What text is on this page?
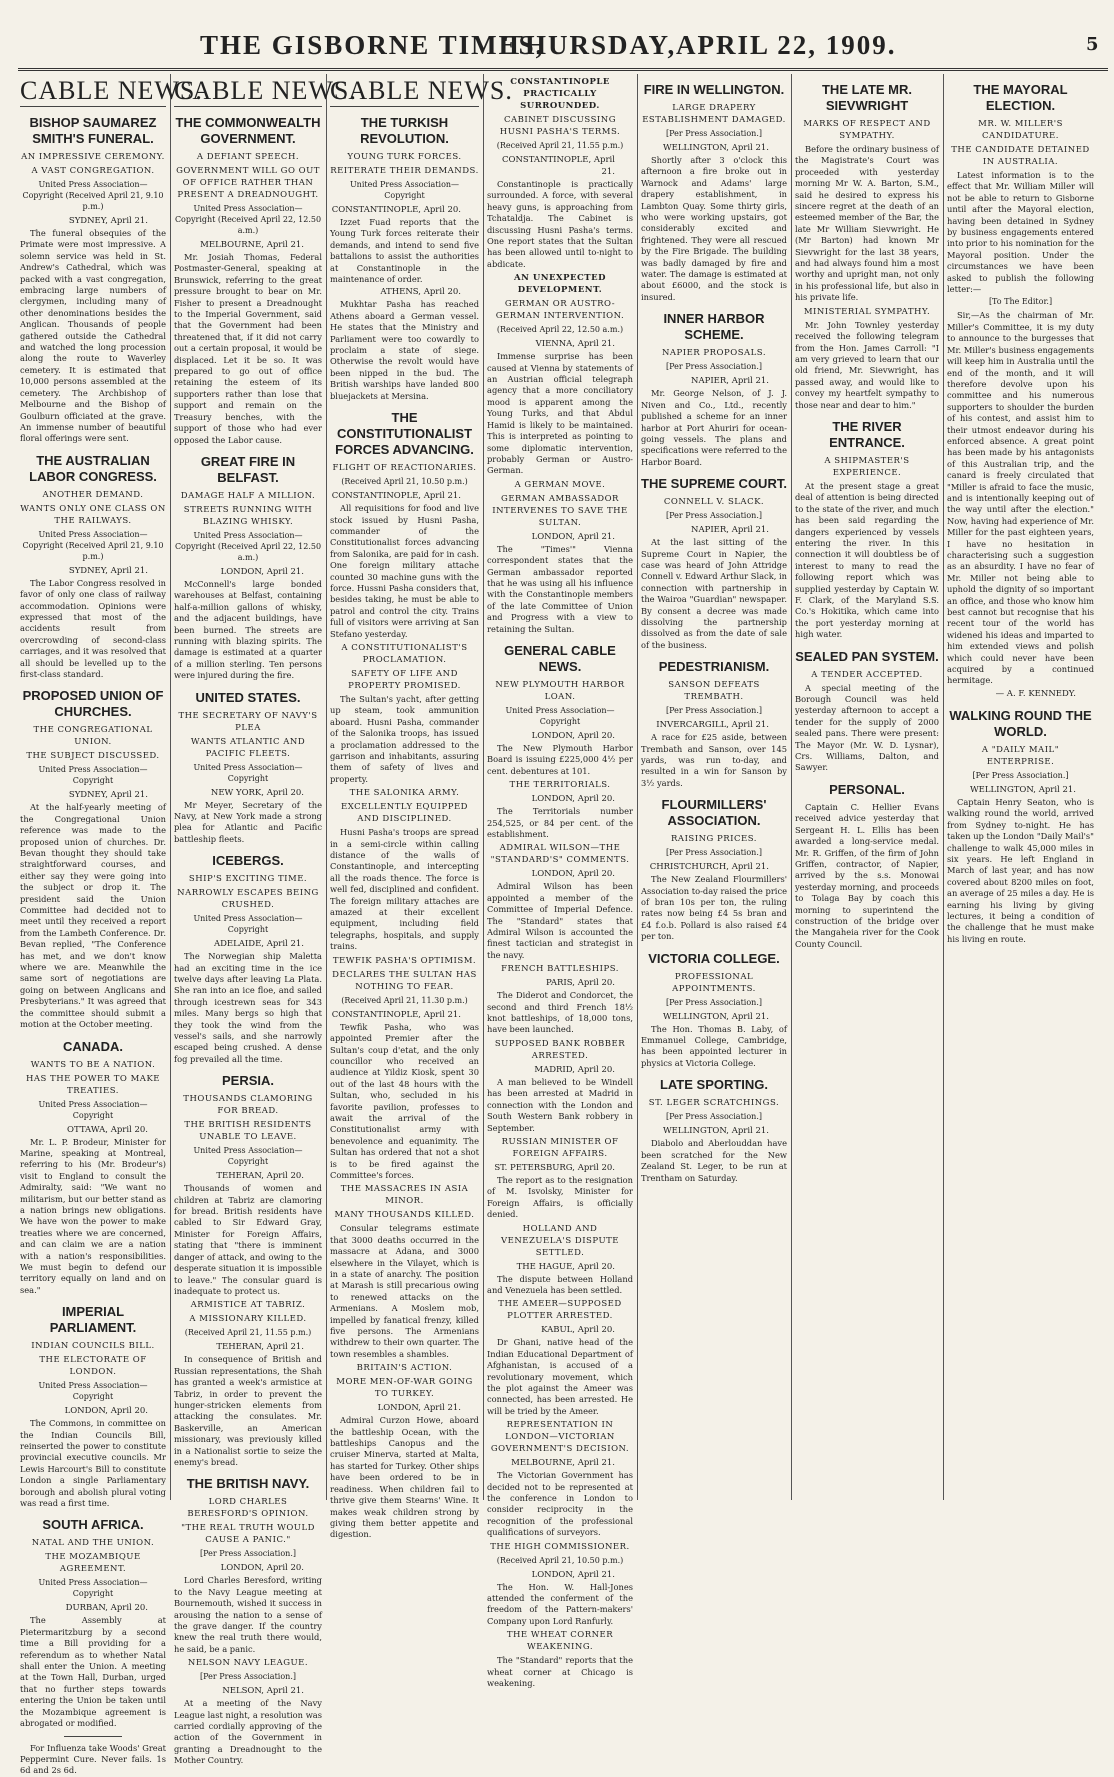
THE GISBORNE TIMES,
THURSDAY, APRIL 22, 1909.	5
CABLE NEWS.
BISHOP SAUMAREZ SMITH'S FUNERAL.
AN IMPRESSIVE CEREMONY.
A VAST CONGREGATION.
United Press Association—Copyright (Received April 21, 9.10 p.m.)
SYDNEY, April 21.

The funeral obsequies of the Primate were most impressive. A solemn service was held in St. Andrew's Cathedral, which was packed with a vast congregation, embracing large numbers of clergymen, including many of other denominations besides the Anglican. Thousands of people gathered outside the Cathedral and watched the long procession along the route to Waverley cemetery. It is estimated that 10,000 persons assembled at the cemetery. The Archbishop of Melbourne and the Bishop of Goulburn officiated at the grave. An immense number of beautiful floral offerings were sent.

THE AUSTRALIAN LABOR CONGRESS.
ANOTHER DEMAND.
WANTS ONLY ONE CLASS ON THE RAILWAYS.
United Press Association—Copyright (Received April 21, 9.10 p.m.)
SYDNEY, April 21.

The Labor Congress resolved in favor of only one class of railway accommodation. Opinions were expressed that most of the accidents result from overcrowding of second-class carriages, and it was resolved that all should be levelled up to the first-class standard.

PROPOSED UNION OF CHURCHES.
THE CONGREGATIONAL UNION.
THE SUBJECT DISCUSSED.
United Press Association—Copyright
SYDNEY, April 21.

At the half-yearly meeting of the Congregational Union reference was made to the proposed union of churches. Dr. Bevan thought they should take straightforward courses, and either say they were going into the subject or drop it. The president said the Union Committee had decided not to meet until they received a report from the Lambeth Conference. Dr. Bevan replied, "The Conference has met, and we don't know where we are. Meanwhile the same sort of negotiations are going on between Anglicans and Presbyterians." It was agreed that the committee should submit a motion at the October meeting.

CANADA.
WANTS TO BE A NATION.
HAS THE POWER TO MAKE TREATIES.
United Press Association—Copyright
OTTAWA, April 20.

Mr. L. P. Brodeur, Minister for Marine, speaking at Montreal, referring to his (Mr. Brodeur's) visit to England to consult the Admiralty, said: "We want no militarism, but our better stand as a nation brings new obligations. We have won the power to make treaties where we are concerned, and can claim we are a nation with a nation's responsibilities. We must begin to defend our territory equally on land and on sea."

IMPERIAL PARLIAMENT.
INDIAN COUNCILS BILL.
THE ELECTORATE OF LONDON.
United Press Association—Copyright
LONDON, April 20.

The Commons, in committee on the Indian Councils Bill, reinserted the power to constitute provincial executive councils. Mr Lewis Harcourt's Bill to constitute London a single Parliamentary borough and abolish plural voting was read a first time.

SOUTH AFRICA.
NATAL AND THE UNION.
THE MOZAMBIQUE AGREEMENT.
United Press Association—Copyright
DURBAN, April 20.

The Assembly at Pietermaritzburg by a second time a Bill providing for a referendum as to whether Natal shall enter the Union. A meeting at the Town Hall, Durban, urged that no further steps towards entering the Union be taken until the Mozambique agreement is abrogated or modified.

For Influenza take Woods' Great Peppermint Cure. Never fails. 1s 6d and 2s 6d.

CABLE NEWS.
THE COMMONWEALTH GOVERNMENT.
A DEFIANT SPEECH.
GOVERNMENT WILL GO OUT OF OFFICE RATHER THAN PRESENT A DREADNOUGHT.
United Press Association—Copyright (Received April 22, 12.50 a.m.)
MELBOURNE, April 21.

Mr. Josiah Thomas, Federal Postmaster-General, speaking at Brunswick, referring to the great pressure brought to bear on Mr. Fisher to present a Dreadnought to the Imperial Government, said that the Government had been threatened that, if it did not carry out a certain proposal, it would be displaced. Let it be so. It was prepared to go out of office retaining the esteem of its supporters rather than lose that support and remain on the Treasury benches, with the support of those who had ever opposed the Labor cause.

GREAT FIRE IN BELFAST.
DAMAGE HALF A MILLION.
STREETS RUNNING WITH BLAZING WHISKY.
United Press Association—Copyright (Received April 22, 12.50 a.m.)
LONDON, April 21.

McConnell's large bonded warehouses at Belfast, containing half-a-million gallons of whisky, and the adjacent buildings, have been burned. The streets are running with blazing spirits. The damage is estimated at a quarter of a million sterling. Ten persons were injured during the fire.

UNITED STATES.
THE SECRETARY OF NAVY'S PLEA
WANTS ATLANTIC AND PACIFIC FLEETS.
United Press Association—Copyright
NEW YORK, April 20.

Mr Meyer, Secretary of the Navy, at New York made a strong plea for Atlantic and Pacific battleship fleets.

ICEBERGS.
SHIP'S EXCITING TIME.
NARROWLY ESCAPES BEING CRUSHED.
United Press Association—Copyright
ADELAIDE, April 21.

The Norwegian ship Maletta had an exciting time in the ice twelve days after leaving La Plata. She ran into an ice floe, and sailed through icestrewn seas for 343 miles. Many bergs so high that they took the wind from the vessel's sails, and she narrowly escaped being crushed. A dense fog prevailed all the time.

PERSIA.
THOUSANDS CLAMORING FOR BREAD.
THE BRITISH RESIDENTS UNABLE TO LEAVE.
United Press Association—Copyright
TEHERAN, April 20.

Thousands of women and children at Tabriz are clamoring for bread. British residents have cabled to Sir Edward Gray, Minister for Foreign Affairs, stating that "there is imminent danger of attack, and owing to the desperate situation it is impossible to leave." The consular guard is inadequate to protect us.

ARMISTICE AT TABRIZ.
A MISSIONARY KILLED.
(Received April 21, 11.55 p.m.)
TEHERAN, April 21.

In consequence of British and Russian representations, the Shah has granted a week's armistice at Tabriz, in order to prevent the hunger-stricken elements from attacking the consulates. Mr. Baskerville, an American missionary, was previously killed in a Nationalist sortie to seize the enemy's bread.

THE BRITISH NAVY.
LORD CHARLES BERESFORD'S OPINION.
"THE REAL TRUTH WOULD CAUSE A PANIC."
[Per Press Association.]
LONDON, April 20.

Lord Charles Beresford, writing to the Navy League meeting at Bournemouth, wished it success in arousing the nation to a sense of the grave danger. If the country knew the real truth there would, he said, be a panic.

NELSON NAVY LEAGUE.
[Per Press Association.]
NELSON, April 21.

At a meeting of the Navy League last night, a resolution was carried cordially approving of the action of the Government in granting a Dreadnought to the Mother Country.

CABLE NEWS.
THE TURKISH REVOLUTION.
YOUNG TURK FORCES.
REITERATE THEIR DEMANDS.
United Press Association—Copyright
CONSTANTINOPLE, April 20.

Izzet Fuad reports that the Young Turk forces reiterate their demands, and intend to send five battalions to assist the authorities at Constantinople in the maintenance of order.

ATHENS, April 20.

Mukhtar Pasha has reached Athens aboard a German vessel. He states that the Ministry and Parliament were too cowardly to proclaim a state of siege. Otherwise the revolt would have been nipped in the bud. The British warships have landed 800 bluejackets at Mersina.

THE CONSTITUTIONALIST FORCES ADVANCING.
FLIGHT OF REACTIONARIES.
(Received April 21, 10.50 p.m.)
CONSTANTINOPLE, April 21.

All requisitions for food and live stock issued by Husni Pasha, commander of the Constitutionalist forces advancing from Salonika, are paid for in cash. One foreign military attache counted 30 machine guns with the force. Hussni Pasha considers that, besides taking, he must be able to patrol and control the city. Trains full of visitors were arriving at San Stefano yesterday.

A CONSTITUTIONALIST'S PROCLAMATION.
SAFETY OF LIFE AND PROPERTY PROMISED.

The Sultan's yacht, after getting up steam, took ammunition aboard. Husni Pasha, commander of the Salonika troops, has issued a proclamation addressed to the garrison and inhabitants, assuring them of safety of lives and property.

THE SALONIKA ARMY.
EXCELLENTLY EQUIPPED AND DISCIPLINED.

Husni Pasha's troops are spread in a semi-circle within calling distance of the walls of Constantinople, and intercepting all the roads thence. The force is well fed, disciplined and confident. The foreign military attaches are amazed at their excellent equipment, including field telegraphs, hospitals, and supply trains.

TEWFIK PASHA'S OPTIMISM.
DECLARES THE SULTAN HAS NOTHING TO FEAR.
(Received April 21, 11.30 p.m.)
CONSTANTINOPLE, April 21.

Tewfik Pasha, who was appointed Premier after the Sultan's coup d'etat, and the only councillor who received an audience at Yildiz Kiosk, spent 30 out of the last 48 hours with the Sultan, who, secluded in his favorite pavilion, professes to await the arrival of the Constitutionalist army with benevolence and equanimity. The Sultan has ordered that not a shot is to be fired against the Committee's forces.

THE MASSACRES IN ASIA MINOR.
MANY THOUSANDS KILLED.

Consular telegrams estimate that 3000 deaths occurred in the massacre at Adana, and 3000 elsewhere in the Vilayet, which is in a state of anarchy. The position at Marash is still precarious owing to renewed attacks on the Armenians. A Moslem mob, impelled by fanatical frenzy, killed five persons. The Armenians withdrew to their own quarter. The town resembles a shambles.

BRITAIN'S ACTION.
MORE MEN-OF-WAR GOING TO TURKEY.
LONDON, April 21.

Admiral Curzon Howe, aboard the battleship Ocean, with the battleships Canopus and the cruiser Minerva, started at Malta, has started for Turkey. Other ships have been ordered to be in readiness. When children fail to thrive give them Stearns' Wine. It makes weak children strong by giving them better appetite and digestion.

CONSTANTINOPLE PRACTICALLY SURROUNDED.
CABINET DISCUSSING HUSNI PASHA'S TERMS.
(Received April 21, 11.55 p.m.)
CONSTANTINOPLE, April 21.

Constantinople is practically surrounded. A force, with several heavy guns, is approaching from Tchataldja. The Cabinet is discussing Husni Pasha's terms. One report states that the Sultan has been allowed until to-night to abdicate.

AN UNEXPECTED DEVELOPMENT.
GERMAN OR AUSTRO-GERMAN INTERVENTION.
(Received April 22, 12.50 a.m.)
VIENNA, April 21.

Immense surprise has been caused at Vienna by statements of an Austrian official telegraph agency that a more conciliatory mood is apparent among the Young Turks, and that Abdul Hamid is likely to be maintained. This is interpreted as pointing to some diplomatic intervention, probably German or Austro-German.

A GERMAN MOVE.
GERMAN AMBASSADOR INTERVENES TO SAVE THE SULTAN.
LONDON, April 21.

The "Times'" Vienna correspondent states that the German ambassador reported that he was using all his influence with the Constantinople members of the late Committee of Union and Progress with a view to retaining the Sultan.

GENERAL CABLE NEWS.
NEW PLYMOUTH HARBOR LOAN.
United Press Association—Copyright
LONDON, April 20.

The New Plymouth Harbor Board is issuing £225,000 4½ per cent. debentures at 101.

THE TERRITORIALS.
LONDON, April 20.

The Territorials number 254,525, or 84 per cent. of the establishment.

ADMIRAL WILSON—THE "STANDARD'S" COMMENTS.
LONDON, April 20.

Admiral Wilson has been appointed a member of the Committee of Imperial Defence. The "Standard" states that Admiral Wilson is accounted the finest tactician and strategist in the navy.

FRENCH BATTLESHIPS.
PARIS, April 20.

The Diderot and Condorcet, the second and third French 18½ knot battleships, of 18,000 tons, have been launched.

SUPPOSED BANK ROBBER ARRESTED.
MADRID, April 20.

A man believed to be Windell has been arrested at Madrid in connection with the London and South Western Bank robbery in September.

RUSSIAN MINISTER OF FOREIGN AFFAIRS.
ST. PETERSBURG, April 20.

The report as to the resignation of M. Isvolsky, Minister for Foreign Affairs, is officially denied.

HOLLAND AND VENEZUELA'S DISPUTE SETTLED.
THE HAGUE, April 20.

The dispute between Holland and Venezuela has been settled.

THE AMEER—SUPPOSED PLOTTER ARRESTED.
KABUL, April 20.

Dr Ghani, native head of the Indian Educational Department of Afghanistan, is accused of a revolutionary movement, which the plot against the Ameer was connected, has been arrested. He will be tried by the Ameer.

REPRESENTATION IN LONDON—VICTORIAN GOVERNMENT'S DECISION.
MELBOURNE, April 21.

The Victorian Government has decided not to be represented at the conference in London to consider reciprocity in the recognition of the professional qualifications of surveyors.

THE HIGH COMMISSIONER.
(Received April 21, 10.50 p.m.)
LONDON, April 21.

The Hon. W. Hall-Jones attended the conferment of the freedom of the Pattern-makers' Company upon Lord Ranfurly.

THE WHEAT CORNER WEAKENING.

The "Standard" reports that the wheat corner at Chicago is weakening.

FIRE IN WELLINGTON.
LARGE DRAPERY ESTABLISHMENT DAMAGED.
[Per Press Association.]
WELLINGTON, April 21.

Shortly after 3 o'clock this afternoon a fire broke out in Warnock and Adams' large drapery establishment, in Lambton Quay. Some thirty girls, who were working upstairs, got considerably excited and frightened. They were all rescued by the Fire Brigade. The building was badly damaged by fire and water. The damage is estimated at about £6000, and the stock is insured.

INNER HARBOR SCHEME.
NAPIER PROPOSALS.
[Per Press Association.]
NAPIER, April 21.

Mr. George Nelson, of J. J. Niven and Co., Ltd., recently published a scheme for an inner harbor at Port Ahuriri for ocean-going vessels. The plans and specifications were referred to the Harbor Board.

THE SUPREME COURT.
CONNELL V. SLACK.
[Per Press Association.]
NAPIER, April 21.

At the last sitting of the Supreme Court in Napier, the case was heard of John Attridge Connell v. Edward Arthur Slack, in connection with partnership in the Wairoa "Guardian" newspaper. By consent a decree was made dissolving the partnership dissolved as from the date of sale of the business.

PEDESTRIANISM.
SANSON DEFEATS TREMBATH.
[Per Press Association.]
INVERCARGILL, April 21.

A race for £25 aside, between Trembath and Sanson, over 145 yards, was run to-day, and resulted in a win for Sanson by 3½ yards.

FLOURMILLERS' ASSOCIATION.
RAISING PRICES.
[Per Press Association.]
CHRISTCHURCH, April 21.

The New Zealand Flourmillers' Association to-day raised the price of bran 10s per ton, the ruling rates now being £4 5s bran and £4 f.o.b. Pollard is also raised £4 per ton.

VICTORIA COLLEGE.
PROFESSIONAL APPOINTMENTS.
[Per Press Association.]
WELLINGTON, April 21.

The Hon. Thomas B. Laby, of Emmanuel College, Cambridge, has been appointed lecturer in physics at Victoria College.

LATE SPORTING.
ST. LEGER SCRATCHINGS.
[Per Press Association.]
WELLINGTON, April 21.

Diabolo and Aberlouddan have been scratched for the New Zealand St. Leger, to be run at Trentham on Saturday.

THE LATE MR. SIEVWRIGHT
MARKS OF RESPECT AND SYMPATHY.

Before the ordinary business of the Magistrate's Court was proceeded with yesterday morning Mr W. A. Barton, S.M., said he desired to express his sincere regret at the death of an esteemed member of the Bar, the late Mr William Sievwright. He (Mr Barton) had known Mr Sievwright for the last 38 years, and had always found him a most worthy and upright man, not only in his professional life, but also in his private life.

MINISTERIAL SYMPATHY.

Mr. John Townley yesterday received the following telegram from the Hon. James Carroll: "I am very grieved to learn that our old friend, Mr. Sievwright, has passed away, and would like to convey my heartfelt sympathy to those near and dear to him."

THE RIVER ENTRANCE.
A SHIPMASTER'S EXPERIENCE.

At the present stage a great deal of attention is being directed to the state of the river, and much has been said regarding the dangers experienced by vessels entering the river. In this connection it will doubtless be of interest to many to read the following report which was supplied yesterday by Captain W. F. Clark, of the Maryland S.S. Co.'s Hokitika, which came into the port yesterday morning at high water.

SEALED PAN SYSTEM.
A TENDER ACCEPTED.

A special meeting of the Borough Council was held yesterday afternoon to accept a tender for the supply of 2000 sealed pans. There were present: The Mayor (Mr. W. D. Lysnar), Crs. Williams, Dalton, and Sawyer.

PERSONAL.

Captain C. Hellier Evans received advice yesterday that Sergeant H. L. Ellis has been awarded a long-service medal. Mr. R. Griffen, of the firm of John Griffen, contractor, of Napier, arrived by the s.s. Monowai yesterday morning, and proceeds to Tolaga Bay by coach this morning to superintend the construction of the bridge over the Mangaheia river for the Cook County Council.

THE MAYORAL ELECTION.
MR. W. MILLER'S CANDIDATURE.
THE CANDIDATE DETAINED IN AUSTRALIA.

Latest information is to the effect that Mr. William Miller will not be able to return to Gisborne until after the Mayoral election, having been detained in Sydney by business engagements entered into prior to his nomination for the Mayoral position. Under the circumstances we have been asked to publish the following letter:—

[To The Editor.]

Sir,—As the chairman of Mr. Miller's Committee, it is my duty to announce to the burgesses that Mr. Miller's business engagements will keep him in Australia until the end of the month, and it will therefore devolve upon his committee and his numerous supporters to shoulder the burden of his contest, and assist him to their utmost endeavor during his enforced absence. A great point has been made by his antagonists of this Australian trip, and the canard is freely circulated that "Miller is afraid to face the music, and is intentionally keeping out of the way until after the election." Now, having had experience of Mr. Miller for the past eighteen years, I have no hesitation in characterising such a suggestion as an absurdity. I have no fear of Mr. Miller not being able to uphold the dignity of so important an office, and those who know him best cannot but recognise that his recent tour of the world has widened his ideas and imparted to him extended views and polish which could never have been acquired by a continued hermitage.

— A. F. KENNEDY.
WALKING ROUND THE WORLD.
A "DAILY MAIL" ENTERPRISE.
[Per Press Association.]
WELLINGTON, April 21.

Captain Henry Seaton, who is walking round the world, arrived from Sydney to-night. He has taken up the London "Daily Mail's" challenge to walk 45,000 miles in six years. He left England in March of last year, and has now covered about 8200 miles on foot, an average of 25 miles a day. He is earning his living by giving lectures, it being a condition of the challenge that he must make his living en route.
